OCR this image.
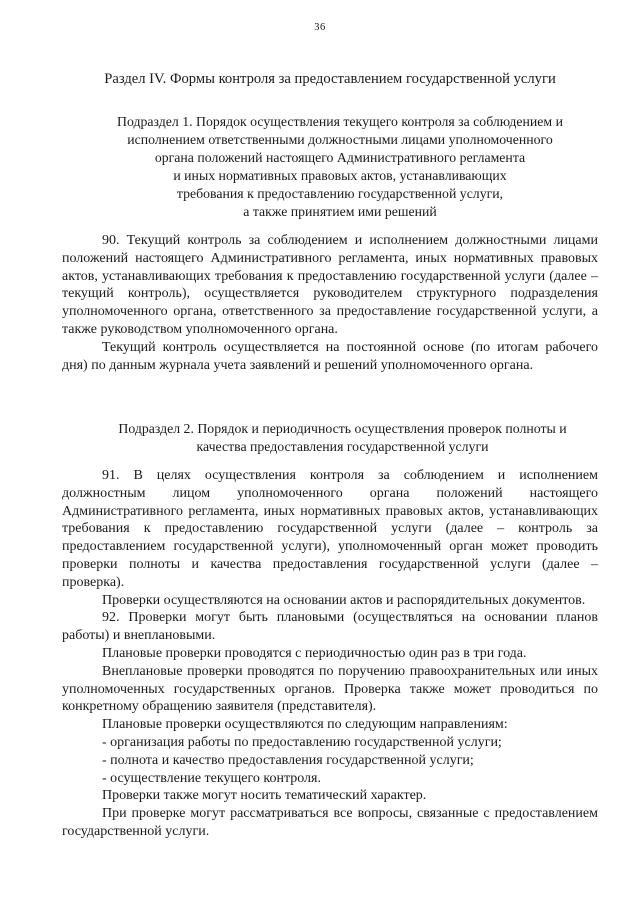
36
Раздел IV. Формы контроля за предоставлением государственной услуги
Подраздел 1. Порядок осуществления текущего контроля за соблюдением и
исполнением ответственными должностными лицами уполномоченного
органа положений настоящего Административного регламента
и иных нормативных правовых актов, устанавливающих
требования к предоставлению государственной услуги,
а также принятием ими решений

90. Текущий контроль за соблюдением и исполнением должностными лицами положений настоящего Административного регламента, иных нормативных правовых актов, устанавливающих требования к предоставлению государственной услуги (далее – текущий контроль), осуществляется руководителем структурного подразделения уполномоченного органа, ответственного за предоставление государственной услуги, а также руководством уполномоченного органа.

Текущий контроль осуществляется на постоянной основе (по итогам рабочего дня) по данным журнала учета заявлений и решений уполномоченного органа.

Подраздел 2. Порядок и периодичность осуществления проверок полноты и
качества предоставления государственной услуги

91. В целях осуществления контроля за соблюдением и исполнением должностным лицом уполномоченного органа положений настоящего Административного регламента, иных нормативных правовых актов, устанавливающих требования к предоставлению государственной услуги (далее – контроль за предоставлением государственной услуги), уполномоченный орган может проводить проверки полноты и качества предоставления государственной услуги (далее – проверка).

Проверки осуществляются на основании актов и распорядительных документов.

92. Проверки могут быть плановыми (осуществляться на основании планов работы) и внеплановыми.

Плановые проверки проводятся с периодичностью один раз в три года.

Внеплановые проверки проводятся по поручению правоохранительных или иных уполномоченных государственных органов. Проверка также может проводиться по конкретному обращению заявителя (представителя).

Плановые проверки осуществляются по следующим направлениям:

- организация работы по предоставлению государственной услуги;

- полнота и качество предоставления государственной услуги;

- осуществление текущего контроля.

Проверки также могут носить тематический характер.

При проверке могут рассматриваться все вопросы, связанные с предоставлением государственной услуги.
